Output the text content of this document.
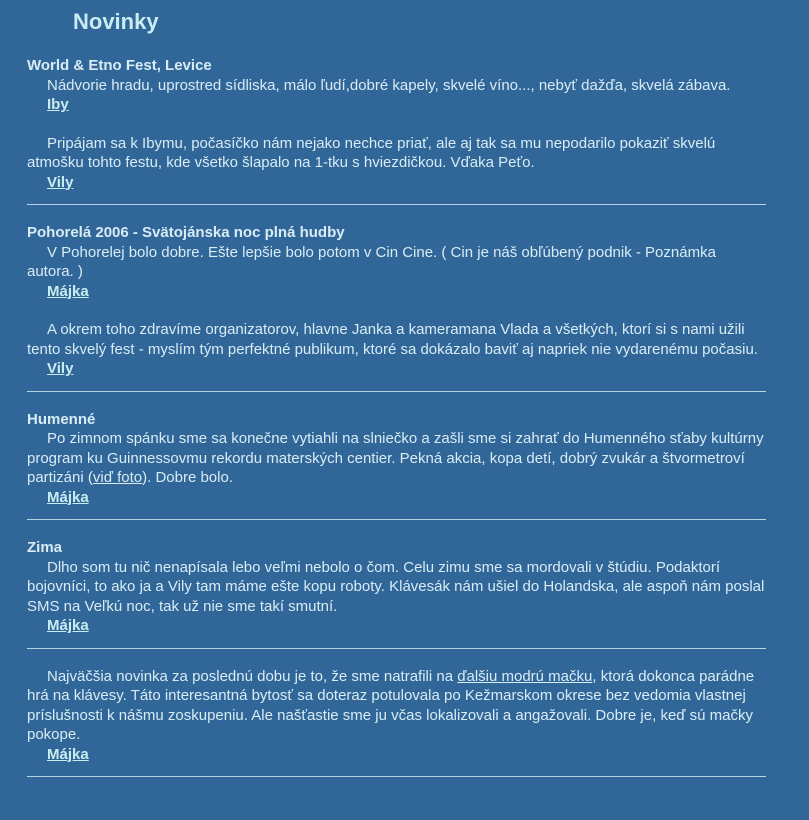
Novinky
World & Etno Fest, Levice
Nádvorie hradu, uprostred sídliska, málo ľudí,dobré kapely, skvelé víno..., nebyť dažďa, skvelá zábava.
Iby
Pripájam sa k Ibymu, počasíčko nám nejako nechce priať, ale aj tak sa mu nepodarilo pokaziť skvelú atmošku tohto festu, kde všetko šlapalo na 1-tku s hviezdičkou. Vďaka Peťo.
Vily
Pohorelá 2006 - Svätojánska noc plná hudby
V Pohorelej bolo dobre. Ešte lepšie bolo potom v Cin Cine. ( Cin je náš obľúbený podnik - Poznámka autora. )
Májka
A okrem toho zdravíme organizatorov, hlavne Janka a kameramana Vlada a všetkých, ktorí si s nami užili tento skvelý fest - myslím tým perfektné publikum, ktoré sa dokázalo baviť aj napriek nie vydarenému počasiu.
Vily
Humenné
Po zimnom spánku sme sa konečne vytiahli na slniečko a zašli sme si zahrať do Humenného sťaby kultúrny program ku Guinnessovmu rekordu materských centier. Pekná akcia, kopa detí, dobrý zvukár a štvormetroví partizáni (viď foto). Dobre bolo.
Májka
Zima
Dlho som tu nič nenapísala lebo veľmi nebolo o čom. Celu zimu sme sa mordovali v štúdiu. Podaktorí bojovníci, to ako ja a Vily tam máme ešte kopu roboty. Klávesák nám ušiel do Holandska, ale aspoň nám poslal SMS na Veľkú noc, tak už nie sme takí smutní.
Májka
Najväčšia novinka za poslednú dobu je to, že sme natrafili na ďalšiu modrú mačku, ktorá dokonca parádne hrá na klávesy. Táto interesantná bytosť sa doteraz potulovala po Kežmarskom okrese bez vedomia vlastnej príslušnosti k nášmu zoskupeniu. Ale našťastie sme ju včas lokalizovali a angažovali. Dobre je, keď sú mačky pokope.
Májka
